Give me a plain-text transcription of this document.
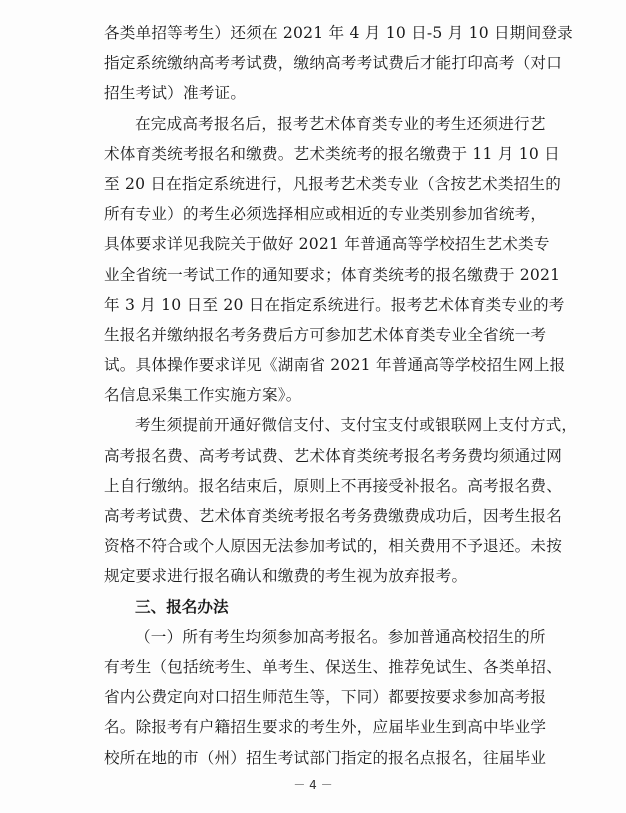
各类单招等考生）还须在 2021 年 4 月 10 日-5 月 10 日期间登录
指定系统缴纳高考考试费，缴纳高考考试费后才能打印高考（对口
招生考试）准考证。
在完成高考报名后，报考艺术体育类专业的考生还须进行艺
术体育类统考报名和缴费。艺术类统考的报名缴费于 11 月 10 日
至 20 日在指定系统进行，凡报考艺术类专业（含按艺术类招生的
所有专业）的考生必须选择相应或相近的专业类别参加省统考，
具体要求详见我院关于做好 2021 年普通高等学校招生艺术类专
业全省统一考试工作的通知要求；体育类统考的报名缴费于 2021
年 3 月 10 日至 20 日在指定系统进行。报考艺术体育类专业的考
生报名并缴纳报名考务费后方可参加艺术体育类专业全省统一考
试。具体操作要求详见《湖南省 2021 年普通高等学校招生网上报
名信息采集工作实施方案》。
考生须提前开通好微信支付、支付宝支付或银联网上支付方式，
高考报名费、高考考试费、艺术体育类统考报名考务费均须通过网
上自行缴纳。报名结束后，原则上不再接受补报名。高考报名费、
高考考试费、艺术体育类统考报名考务费缴费成功后，因考生报名
资格不符合或个人原因无法参加考试的，相关费用不予退还。未按
规定要求进行报名确认和缴费的考生视为放弃报考。
三、报名办法
（一）所有考生均须参加高考报名。参加普通高校招生的所
有考生（包括统考生、单考生、保送生、推荐免试生、各类单招、
省内公费定向对口招生师范生等，下同）都要按要求参加高考报
名。除报考有户籍招生要求的考生外，应届毕业生到高中毕业学
校所在地的市（州）招生考试部门指定的报名点报名，往届毕业
－ 4 －
